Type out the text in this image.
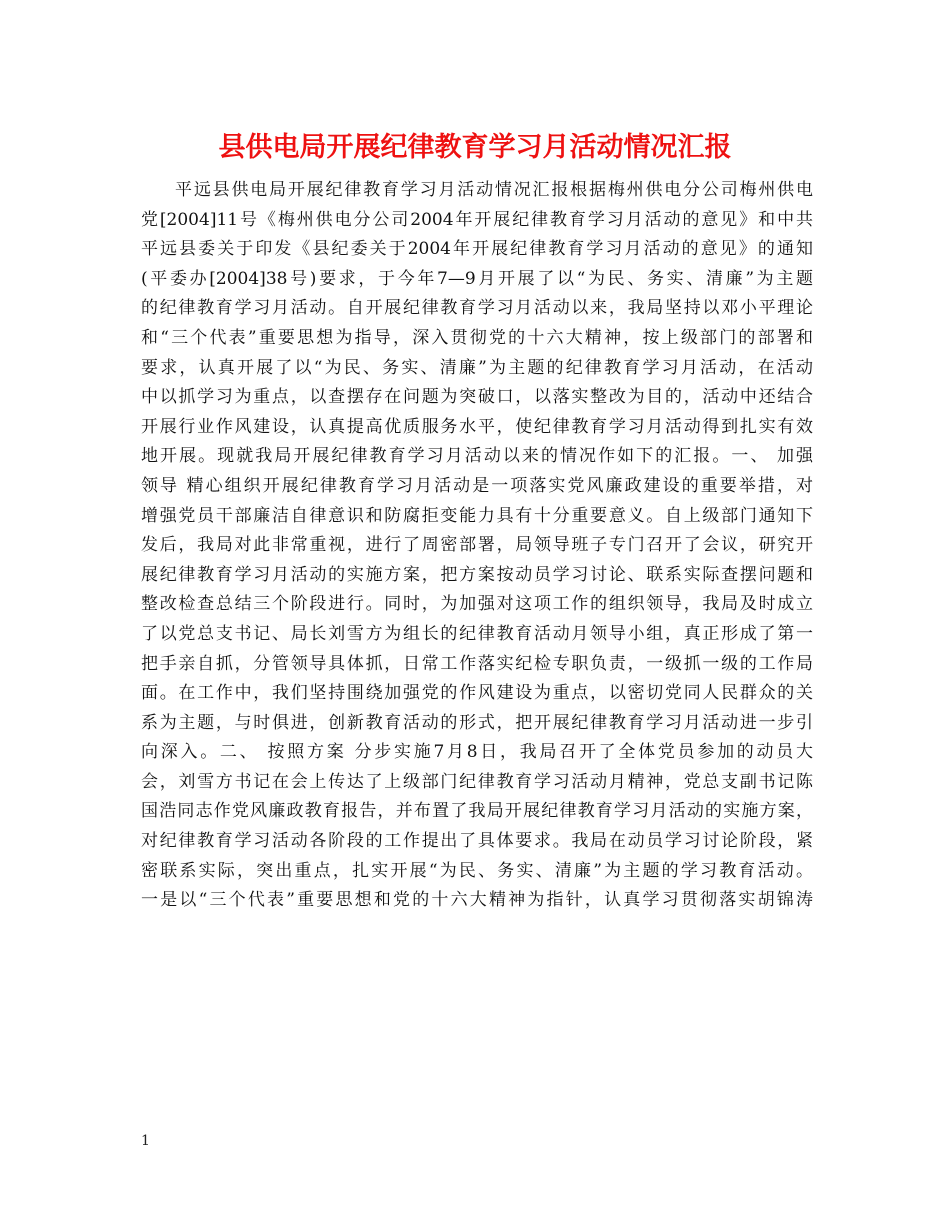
县供电局开展纪律教育学习月活动情况汇报
平远县供电局开展纪律教育学习月活动情况汇报根据梅州供电分公司梅州供电
党[2004]11号《梅州供电分公司2004年开展纪律教育学习月活动的意见》和中共
平远县委关于印发《县纪委关于2004年开展纪律教育学习月活动的意见》的通知
(平委办[2004]38号)要求，于今年7—9月开展了以“为民、务实、清廉”为主题
的纪律教育学习月活动。自开展纪律教育学习月活动以来，我局坚持以邓小平理论
和“三个代表”重要思想为指导，深入贯彻党的十六大精神，按上级部门的部署和
要求，认真开展了以“为民、务实、清廉”为主题的纪律教育学习月活动，在活动
中以抓学习为重点，以查摆存在问题为突破口，以落实整改为目的，活动中还结合
开展行业作风建设，认真提高优质服务水平，使纪律教育学习月活动得到扎实有效
地开展。现就我局开展纪律教育学习月活动以来的情况作如下的汇报。一、 加强
领导 精心组织开展纪律教育学习月活动是一项落实党风廉政建设的重要举措，对
增强党员干部廉洁自律意识和防腐拒变能力具有十分重要意义。自上级部门通知下
发后，我局对此非常重视，进行了周密部署，局领导班子专门召开了会议，研究开
展纪律教育学习月活动的实施方案，把方案按动员学习讨论、联系实际查摆问题和
整改检查总结三个阶段进行。同时，为加强对这项工作的组织领导，我局及时成立
了以党总支书记、局长刘雪方为组长的纪律教育活动月领导小组，真正形成了第一
把手亲自抓，分管领导具体抓，日常工作落实纪检专职负责，一级抓一级的工作局
面。在工作中，我们坚持围绕加强党的作风建设为重点，以密切党同人民群众的关
系为主题，与时俱进，创新教育活动的形式，把开展纪律教育学习月活动进一步引
向深入。二、 按照方案 分步实施7月8日，我局召开了全体党员参加的动员大
会，刘雪方书记在会上传达了上级部门纪律教育学习活动月精神，党总支副书记陈
国浩同志作党风廉政教育报告，并布置了我局开展纪律教育学习月活动的实施方案，
对纪律教育学习活动各阶段的工作提出了具体要求。我局在动员学习讨论阶段，紧
密联系实际，突出重点，扎实开展“为民、务实、清廉”为主题的学习教育活动。
一是以“三个代表”重要思想和党的十六大精神为指针，认真学习贯彻落实胡锦涛
1
